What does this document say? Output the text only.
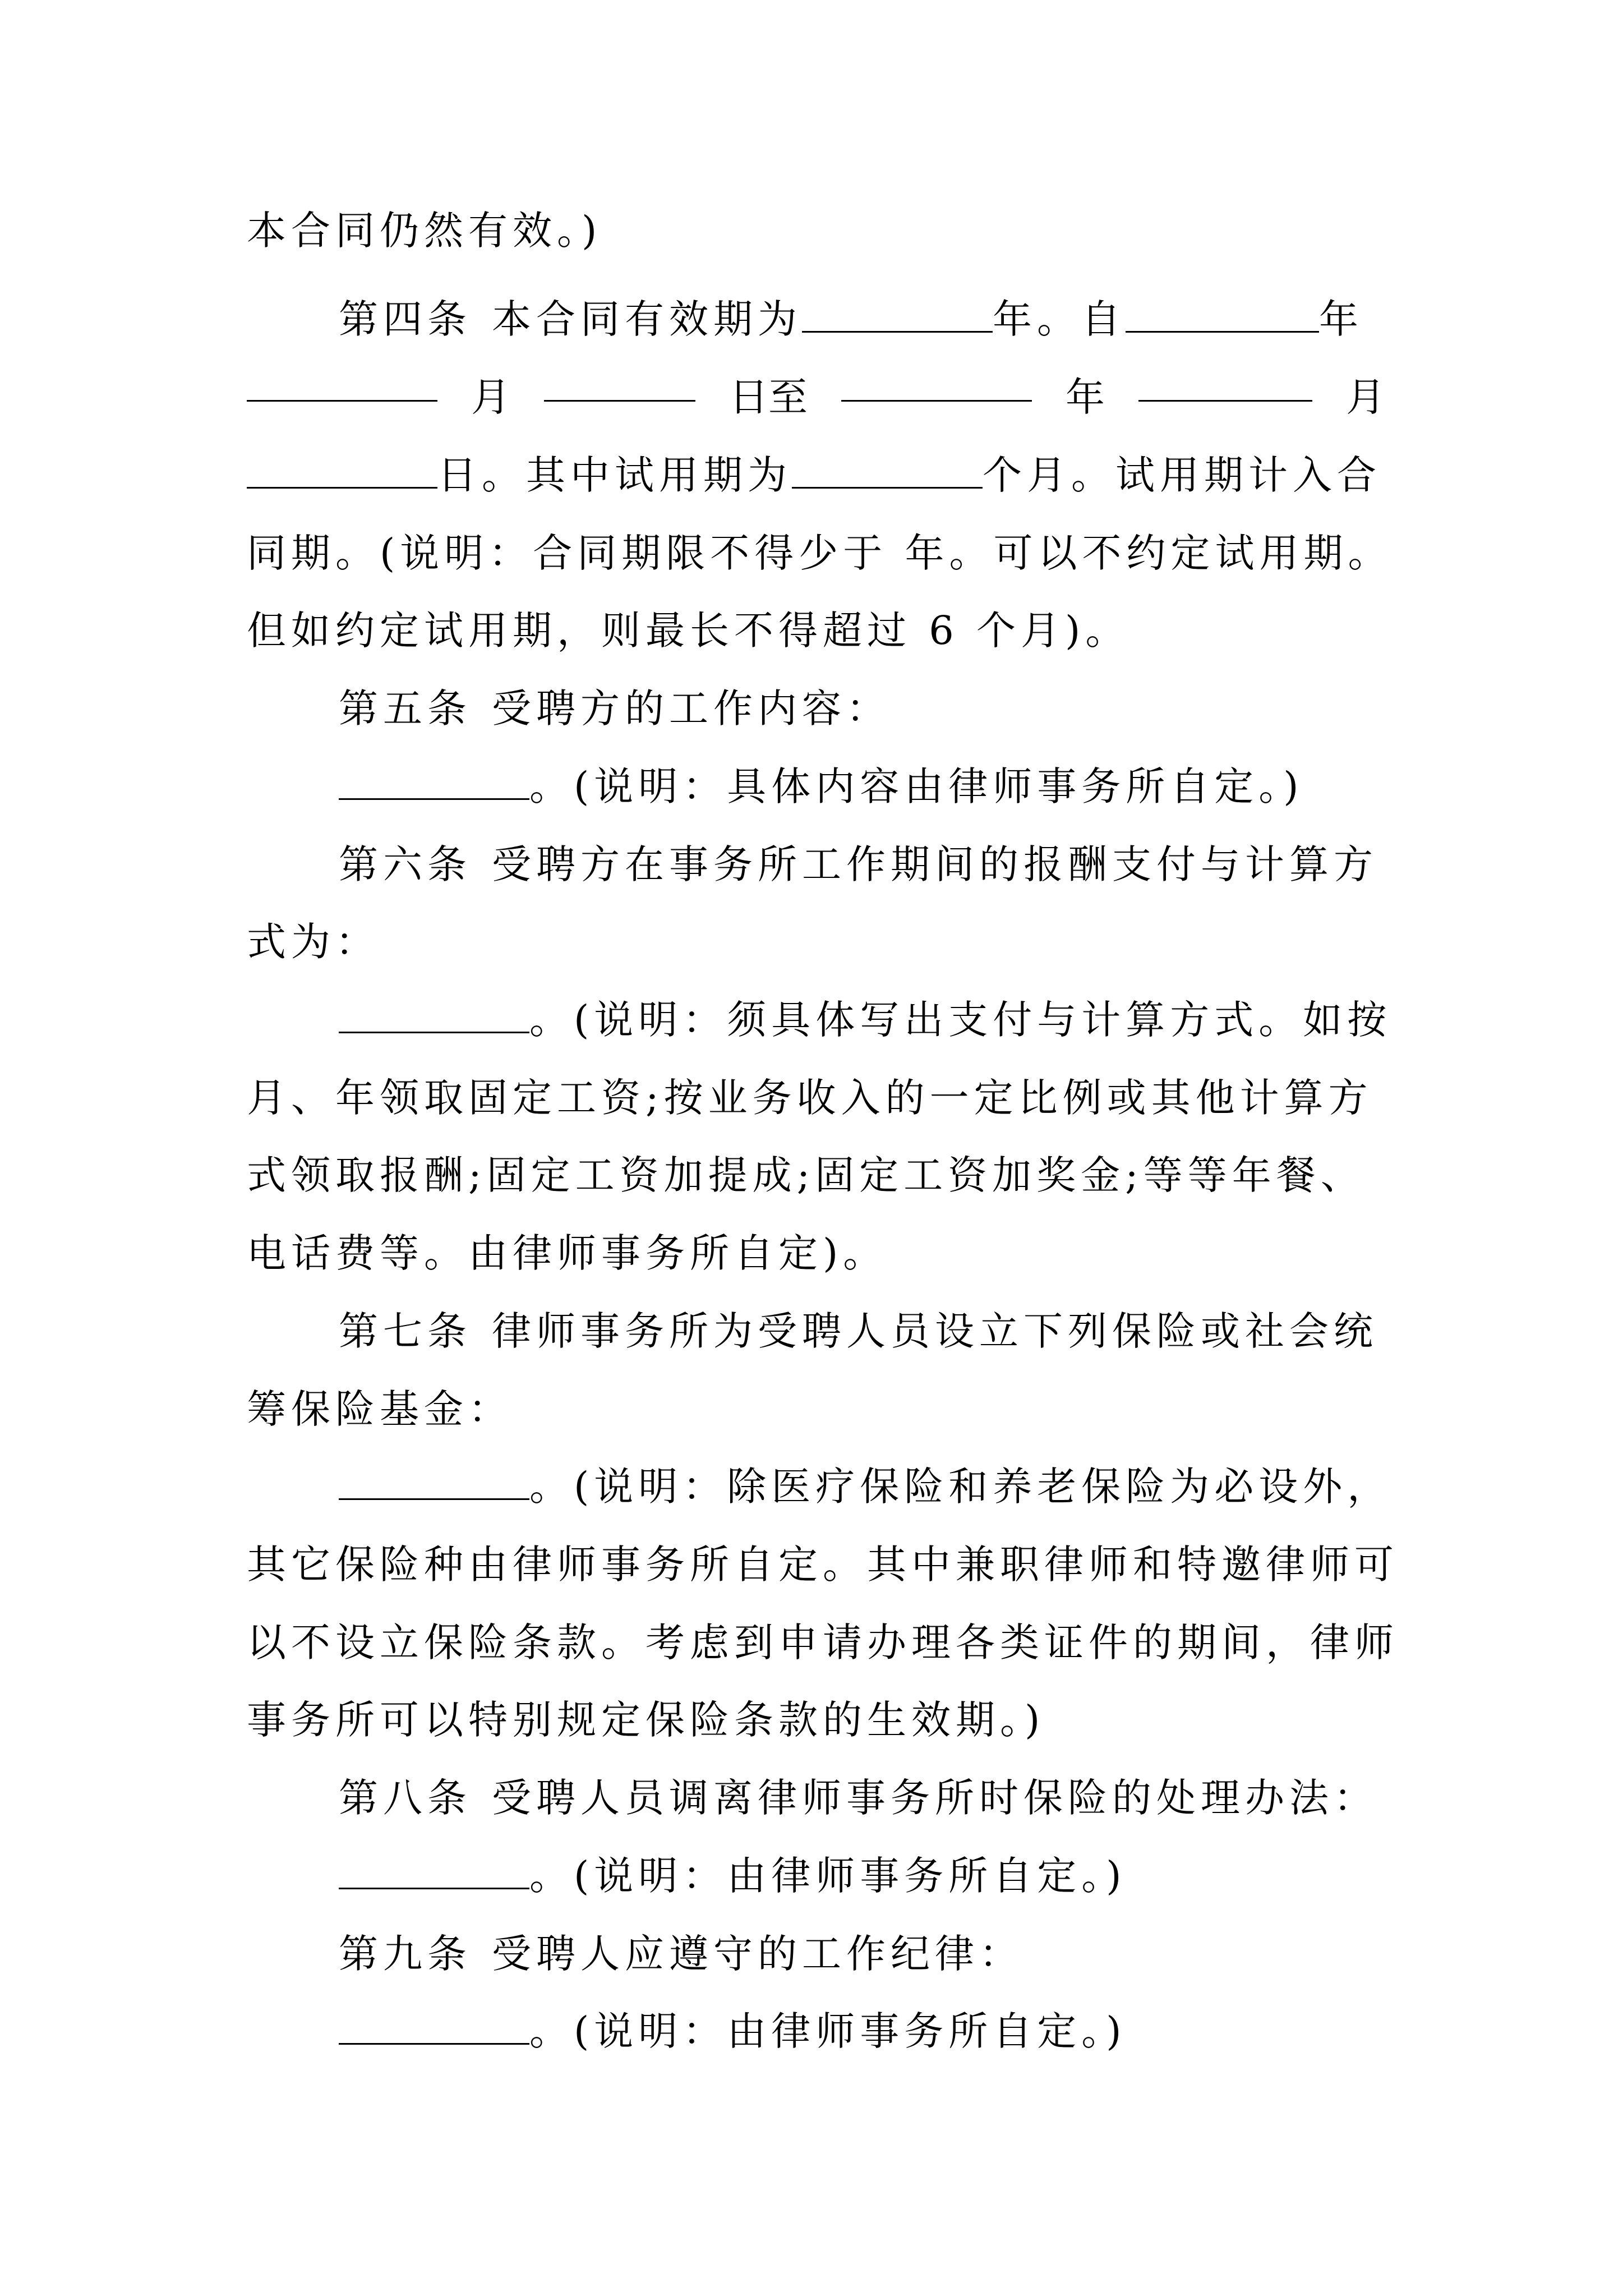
本合同仍然有效。)
第四条 本合同有效期为	年。自	年
月	日至	年	月
日。其中试用期为	个月。试用期计入合
同期。(说明：合同期限不得少于 年。可以不约定试用期。
但如约定试用期，则最长不得超过 6 个月)。
第五条 受聘方的工作内容：
。(说明：具体内容由律师事务所自定。)
第六条 受聘方在事务所工作期间的报酬支付与计算方
式为：
。(说明：须具体写出支付与计算方式。如按
月、年领取固定工资;按业务收入的一定比例或其他计算方
式领取报酬;固定工资加提成;固定工资加奖金;等等年餐、
电话费等。由律师事务所自定)。
第七条 律师事务所为受聘人员设立下列保险或社会统
筹保险基金：
。(说明：除医疗保险和养老保险为必设外，
其它保险种由律师事务所自定。其中兼职律师和特邀律师可
以不设立保险条款。考虑到申请办理各类证件的期间，律师
事务所可以特别规定保险条款的生效期。)
第八条 受聘人员调离律师事务所时保险的处理办法：
。(说明：由律师事务所自定。)
第九条 受聘人应遵守的工作纪律：
。(说明：由律师事务所自定。)
